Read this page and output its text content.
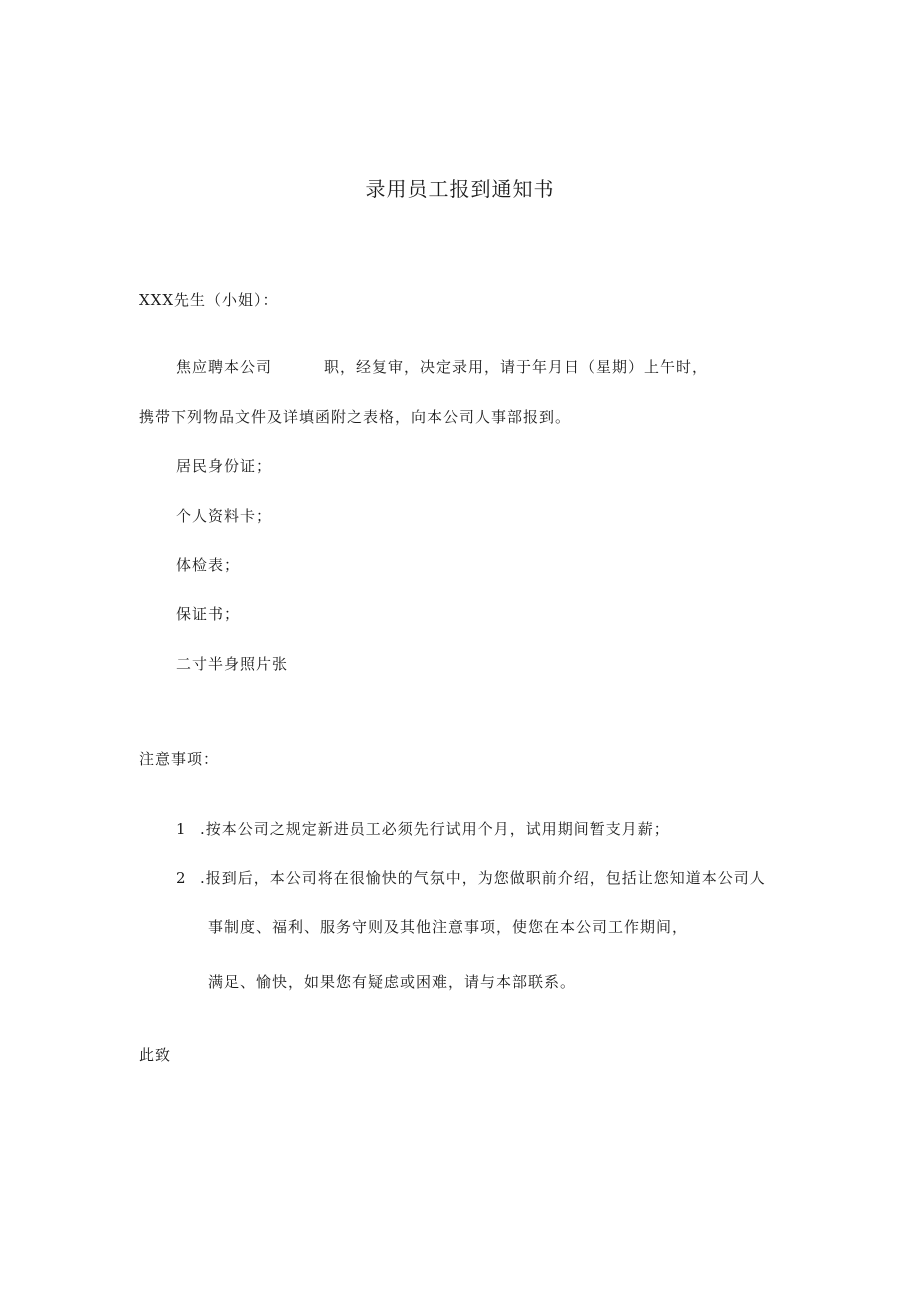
录用员工报到通知书
XXX先生（小姐）：
焦应聘本公司	职，经复审，决定录用，请于年月日（星期）上午时，
携带下列物品文件及详填函附之表格，向本公司人事部报到。
居民身份证；
个人资料卡；
体检表；
保证书；
二寸半身照片张
注意事项：
1 .按本公司之规定新进员工必须先行试用个月，试用期间暂支月薪；
2 .报到后，本公司将在很愉快的气氛中，为您做职前介绍，包括让您知道本公司人
事制度、福利、服务守则及其他注意事项，使您在本公司工作期间，
满足、愉快，如果您有疑虑或困难，请与本部联系。
此致
